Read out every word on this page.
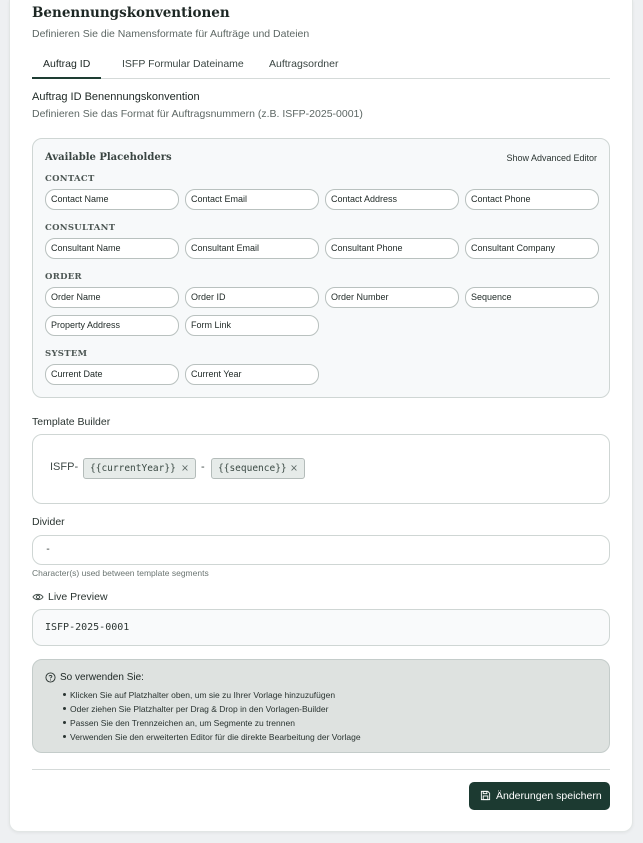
Benennungskonventionen
Definieren Sie die Namensformate für Aufträge und Dateien
Auftrag ID	ISFP Formular Dateiname Auftragsordner
Auftrag ID Benennungskonvention
Definieren Sie das Format für Auftragsnummern (z.B. ISFP-2025-0001)
Available Placeholders	Show Advanced Editor
CONTACT
Contact Name	Contact Email	Contact Address	Contact Phone
CONSULTANT
Consultant Name	Consultant Email	Consultant Phone	Consultant Company
ORDER
Order Name	Order ID	Order Number	Sequence
Property Address	Form Link
SYSTEM
Current Date	Current Year
Template Builder
ISFP-	{{currentYear}} × -	{{sequence}} ×
Divider
-
Character(s) used between template segments
Live Preview
ISFP-2025-0001
So verwenden Sie:
Klicken Sie auf Platzhalter oben, um sie zu Ihrer Vorlage hinzuzufügen
Oder ziehen Sie Platzhalter per Drag & Drop in den Vorlagen-Builder
Passen Sie den Trennzeichen an, um Segmente zu trennen
Verwenden Sie den erweiterten Editor für die direkte Bearbeitung der Vorlage
Änderungen speichern
